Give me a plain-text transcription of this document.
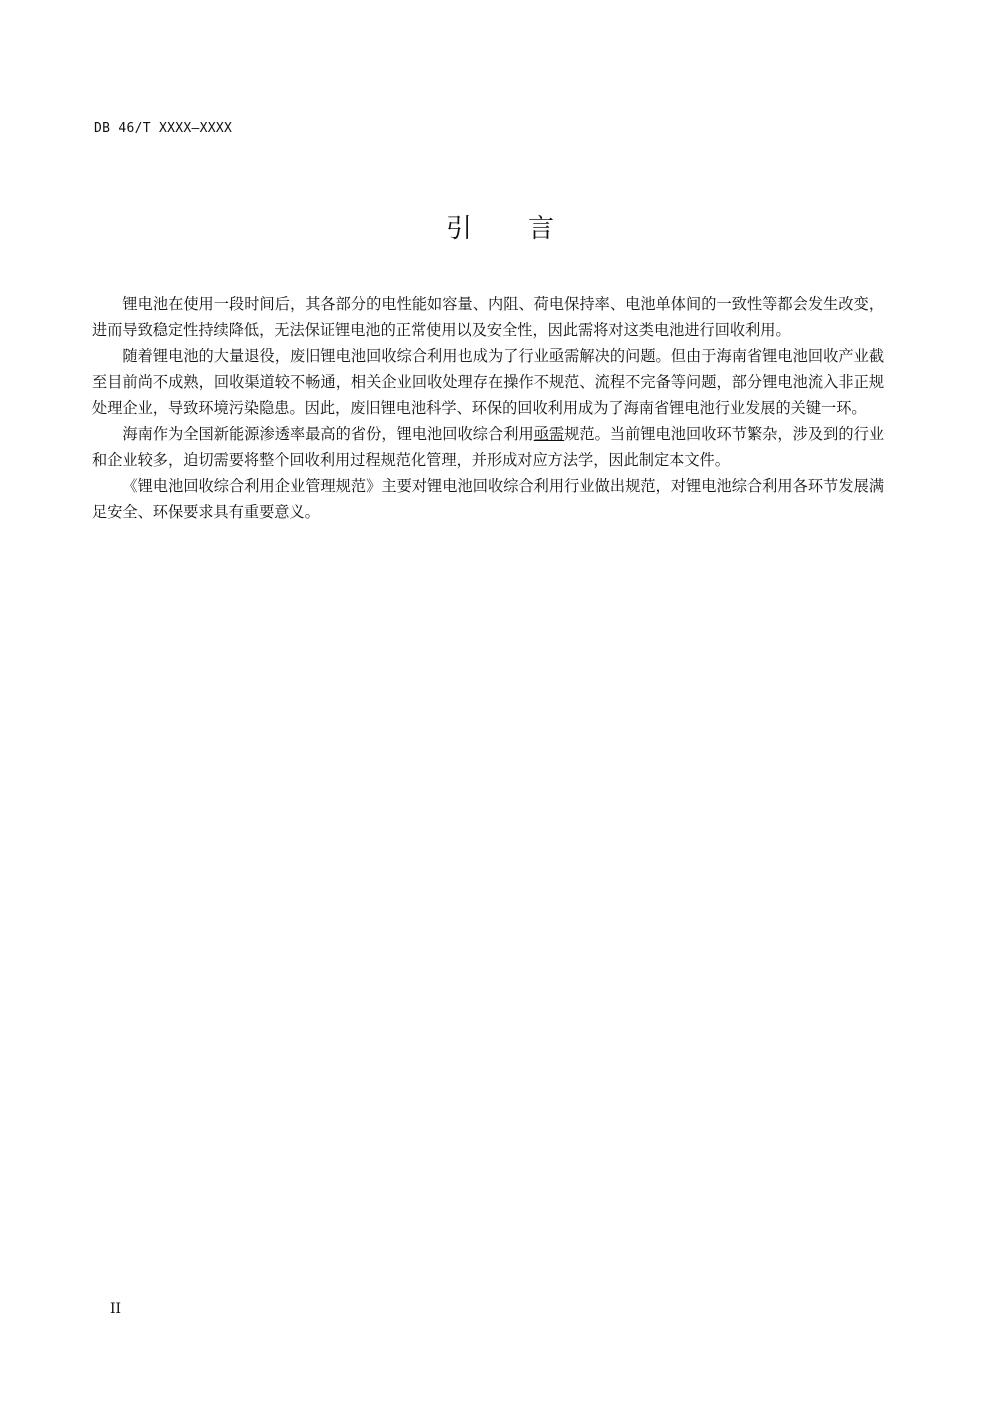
DB 46/T XXXX—XXXX
引言

锂电池在使用一段时间后，其各部分的电性能如容量、内阻、荷电保持率、电池单体间的一致性等都会发生改变，进而导致稳定性持续降低，无法保证锂电池的正常使用以及安全性，因此需将对这类电池进行回收利用。

随着锂电池的大量退役，废旧锂电池回收综合利用也成为了行业亟需解决的问题。但由于海南省锂电池回收产业截至目前尚不成熟，回收渠道较不畅通，相关企业回收处理存在操作不规范、流程不完备等问题，部分锂电池流入非正规处理企业，导致环境污染隐患。因此，废旧锂电池科学、环保的回收利用成为了海南省锂电池行业发展的关键一环。

海南作为全国新能源渗透率最高的省份，锂电池回收综合利用亟需规范。当前锂电池回收环节繁杂，涉及到的行业和企业较多，迫切需要将整个回收利用过程规范化管理，并形成对应方法学，因此制定本文件。

《锂电池回收综合利用企业管理规范》主要对锂电池回收综合利用行业做出规范，对锂电池综合利用各环节发展满足安全、环保要求具有重要意义。

II
